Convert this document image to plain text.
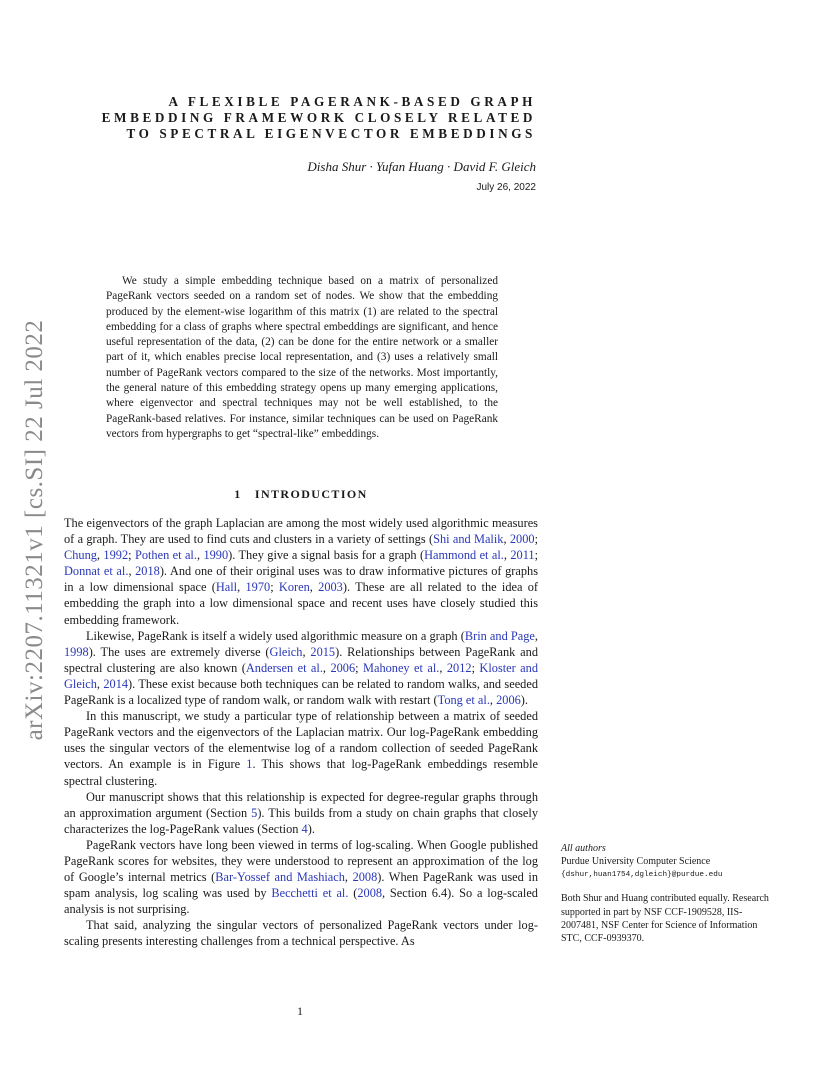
arXiv:2207.11321v1 [cs.SI] 22 Jul 2022
A FLEXIBLE PAGERANK-BASED GRAPH
EMBEDDING FRAMEWORK CLOSELY RELATED
TO SPECTRAL EIGENVECTOR EMBEDDINGS
Disha Shur · Yufan Huang · David F. Gleich
July 26, 2022
We study a simple embedding technique based on a matrix of personalized PageRank vectors seeded on a random set of nodes. We show that the embedding produced by the element-wise logarithm of this matrix (1) are related to the spectral embedding for a class of graphs where spectral embeddings are significant, and hence useful representation of the data, (2) can be done for the entire network or a smaller part of it, which enables precise local representation, and (3) uses a relatively small number of PageRank vectors compared to the size of the networks. Most importantly, the general nature of this embedding strategy opens up many emerging applications, where eigenvector and spectral techniques may not be well established, to the PageRank-based relatives. For instance, similar techniques can be used on PageRank vectors from hypergraphs to get “spectral-like” embeddings.
1 INTRODUCTION

The eigenvectors of the graph Laplacian are among the most widely used algorithmic measures of a graph. They are used to find cuts and clusters in a variety of settings (Shi and Malik, 2000; Chung, 1992; Pothen et al., 1990). They give a signal basis for a graph (Hammond et al., 2011; Donnat et al., 2018). And one of their original uses was to draw informative pictures of graphs in a low dimensional space (Hall, 1970; Koren, 2003). These are all related to the idea of embedding the graph into a low dimensional space and recent uses have closely studied this embedding framework.

Likewise, PageRank is itself a widely used algorithmic measure on a graph (Brin and Page, 1998). The uses are extremely diverse (Gleich, 2015). Relationships between PageRank and spectral clustering are also known (Andersen et al., 2006; Mahoney et al., 2012; Kloster and Gleich, 2014). These exist because both techniques can be related to random walks, and seeded PageRank is a localized type of random walk, or random walk with restart (Tong et al., 2006).

In this manuscript, we study a particular type of relationship between a matrix of seeded PageRank vectors and the eigenvectors of the Laplacian matrix. Our log-PageRank embedding uses the singular vectors of the elementwise log of a random collection of seeded PageRank vectors. An example is in Figure 1. This shows that log-PageRank embeddings resemble spectral clustering.

Our manuscript shows that this relationship is expected for degree-regular graphs through an approximation argument (Section 5). This builds from a study on chain graphs that closely characterizes the log-PageRank values (Section 4).

PageRank vectors have long been viewed in terms of log-scaling. When Google published PageRank scores for websites, they were understood to represent an approximation of the log of Google’s internal metrics (Bar-Yossef and Mashiach, 2008). When PageRank was used in spam analysis, log scaling was used by Becchetti et al. (2008, Section 6.4). So a log-scaled analysis is not surprising.

That said, analyzing the singular vectors of personalized PageRank vectors under log-scaling presents interesting challenges from a technical perspective. As

All authors
Purdue University Computer Science
{dshur,huan1754,dgleich}@purdue.edu
Both Shur and Huang contributed equally. Research supported in part by NSF CCF-1909528, IIS-2007481, NSF Center for Science of Information STC, CCF-0939370.
1
